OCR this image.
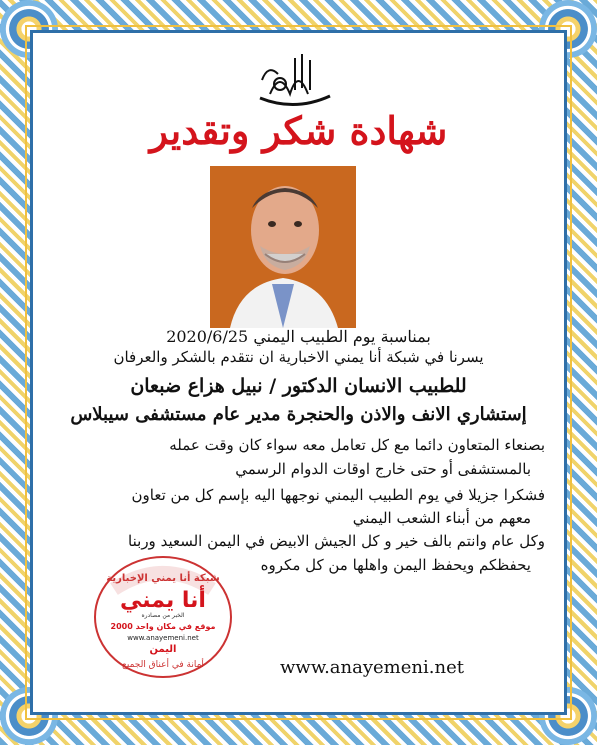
شهادة شكر وتقدير
بمناسبة يوم الطبيب اليمني 2020/6/25
يسرنا في شبكة أنا يمني الاخبارية ان نتقدم بالشكر والعرفان
للطبيب الانسان الدكتور / نبيل هزاع ضبعان
إستشاري الانف والاذن والحنجرة مدير عام مستشفى سيبلاس
بصنعاء المتعاون دائما مع كل تعامل معه سواء كان وقت عمله
بالمستشفى أو حتى خارج اوقات الدوام الرسمي
فشكرا جزيلا في يوم الطبيب اليمني نوجهها اليه بإسم كل من تعاون
معهم من أبناء الشعب اليمني
وكل عام وانتم بالف خير و كل الجيش الابيض في اليمن السعيد وربنا
يحفظكم ويحفظ اليمن واهلها من كل مكروه
شبكة أنا يمني الإخبارية
أنا يمني
الخبر من مصادره
2000 موقع في مكان واحد
www.anayemeni.net
اليمن
أمانة في أعناق الجميع	www.anayemeni.net
